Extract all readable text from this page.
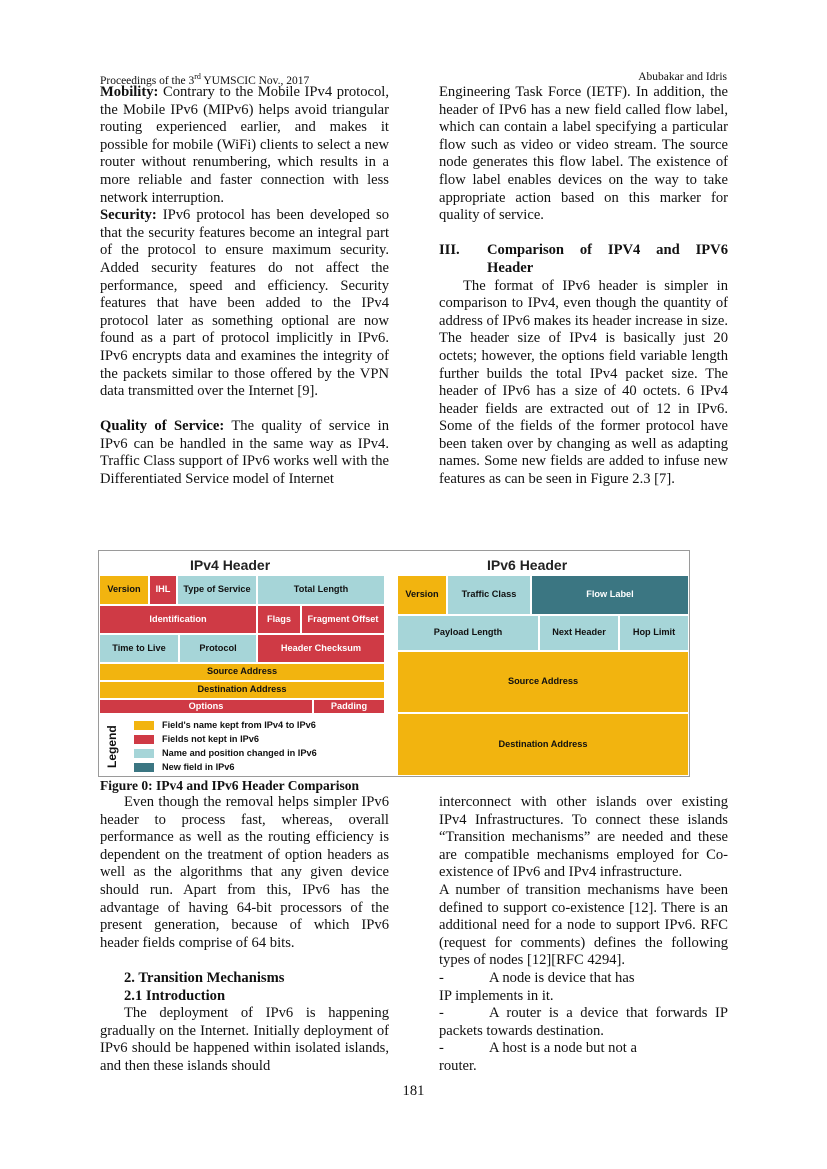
Proceedings of the 3rd YUMSCIC Nov., 2017	Abubakar and Idris

Mobility: Contrary to the Mobile IPv4 protocol, the Mobile IPv6 (MIPv6) helps avoid triangular routing experienced earlier, and makes it possible for mobile (WiFi) clients to select a new router without renumbering, which results in a more reliable and faster connection with less network interruption.

Security: IPv6 protocol has been developed so that the security features become an integral part of the protocol to ensure maximum security. Added security features do not affect the performance, speed and efficiency. Security features that have been added to the IPv4 protocol later as something optional are now found as a part of protocol implicitly in IPv6. IPv6 encrypts data and examines the integrity of the packets similar to those offered by the VPN data transmitted over the Internet [9].

Quality of Service: The quality of service in IPv6 can be handled in the same way as IPv4. Traffic Class support of IPv6 works well with the Differentiated Service model of Internet

Engineering Task Force (IETF). In addition, the header of IPv6 has a new field called flow label, which can contain a label specifying a particular flow such as video or video stream. The source node generates this flow label. The existence of flow label enables devices on the way to take appropriate action based on this marker for quality of service.

III.	Comparison of IPV4 and IPV6 Header

The format of IPv6 header is simpler in comparison to IPv4, even though the quantity of address of IPv6 makes its header increase in size. The header size of IPv4 is basically just 20 octets; however, the options field variable length further builds the total IPv4 packet size. The header of IPv6 has a size of 40 octets. 6 IPv4 header fields are extracted out of 12 in IPv6. Some of the fields of the former protocol have been taken over by changing as well as adapting names. Some new fields are added to infuse new features as can be seen in Figure 2.3 [7].

IPv4 Header	IPv6 Header
Version	IHL	Type of Service	Total Length
Identification	Flags	Fragment Offset
Time to Live	Protocol	Header Checksum
Source Address
Destination Address
Options	Padding
Legend
Field's name kept from IPv4 to IPv6
Fields not kept in IPv6
Name and position changed in IPv6
New field in IPv6
Version	Traffic Class	Flow Label
Payload Length	Next Header	Hop Limit
Source Address
Destination Address
Figure 0: IPv4 and IPv6 Header Comparison

Even though the removal helps simpler IPv6 header to process fast, whereas, overall performance as well as the routing efficiency is dependent on the treatment of option headers as well as the algorithms that any given device should run. Apart from this, IPv6 has the advantage of having 64-bit processors of the present generation, because of which IPv6 header fields comprise of 64 bits.

2. Transition Mechanisms

2.1 Introduction

The deployment of IPv6 is happening gradually on the Internet. Initially deployment of IPv6 should be happened within isolated islands, and then these islands should

interconnect with other islands over existing IPv4 Infrastructures. To connect these islands “Transition mechanisms” are needed and these are compatible mechanisms employed for Co-existence of IPv6 and IPv4 infrastructure.

A number of transition mechanisms have been defined to support co-existence [12]. There is an additional need for a node to support IPv6. RFC (request for comments) defines the following types of nodes [12][RFC 4294].

-	A node is device that has

IP implements in it.

-	A router is a device that forwards IP

packets towards destination.

-	A host is a node but not a

router.

181
